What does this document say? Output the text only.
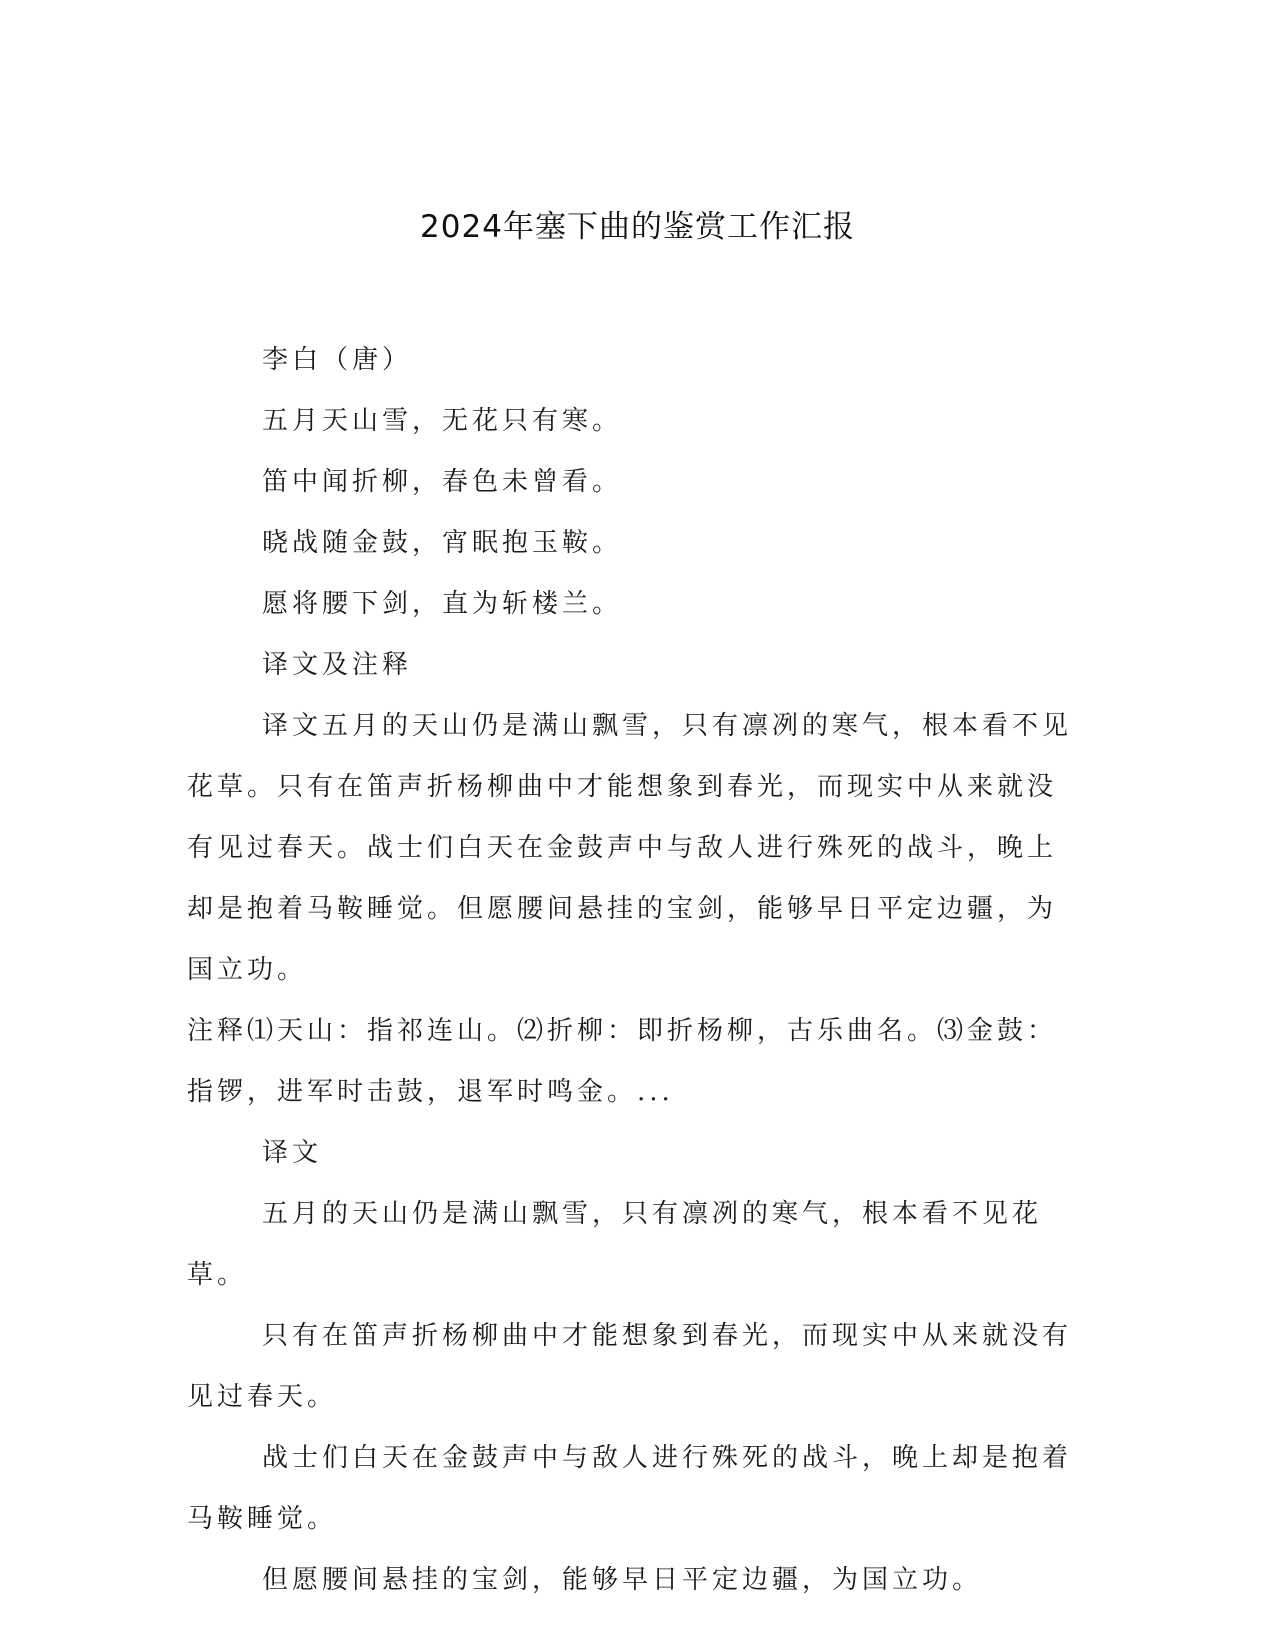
2024年塞下曲的鉴赏工作汇报

李白（唐）

五月天山雪，无花只有寒。

笛中闻折柳，春色未曾看。

晓战随金鼓，宵眠抱玉鞍。

愿将腰下剑，直为斩楼兰。

译文及注释

译文五月的天山仍是满山飘雪，只有凛冽的寒气，根本看不见花草。只有在笛声折杨柳曲中才能想象到春光，而现实中从来就没有见过春天。战士们白天在金鼓声中与敌人进行殊死的战斗，晚上却是抱着马鞍睡觉。但愿腰间悬挂的宝剑，能够早日平定边疆，为国立功。

注释⑴天山：指祁连山。⑵折柳：即折杨柳，古乐曲名。⑶金鼓：指锣，进军时击鼓，退军时鸣金。...

译文

五月的天山仍是满山飘雪，只有凛冽的寒气，根本看不见花草。

只有在笛声折杨柳曲中才能想象到春光，而现实中从来就没有见过春天。

战士们白天在金鼓声中与敌人进行殊死的战斗，晚上却是抱着马鞍睡觉。

但愿腰间悬挂的宝剑，能够早日平定边疆，为国立功。
